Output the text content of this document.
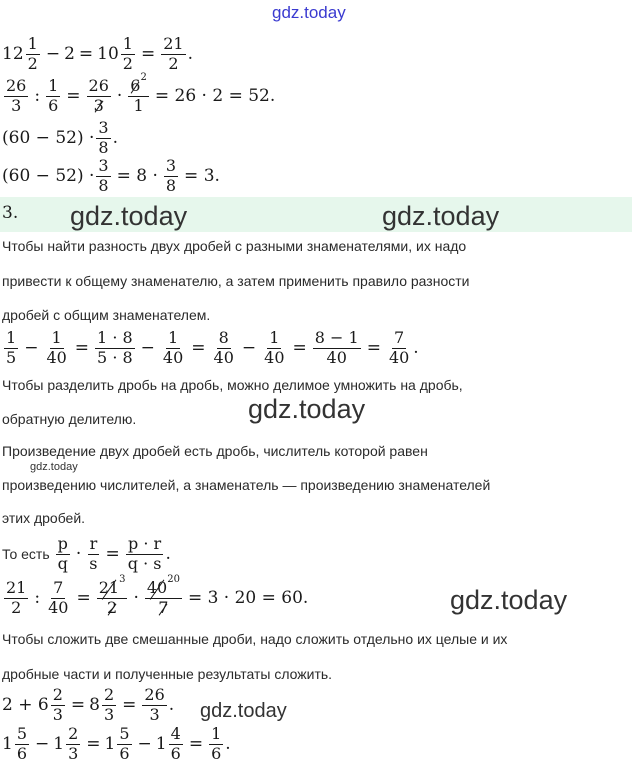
gdz.today
$12 \frac{1}{2} - 2 = 10 \frac{1}{2} = \frac{21}{2}$ .
$\frac{26}{3}$ : $\frac{1}{6} = \frac{26}{3} \cdot \frac{6^2}{1} = 26 \cdot 2 = 52$.
$(60 - 52) \cdot \frac{3}{8}$ .
$(60 - 52) \cdot \frac{3}{8} = 8 \cdot \frac{3}{8} = 3$.
3. gdz.today	gdz.today
Чтобы найти разность двух дробей с разными знаменателями, их надо
привести к общему знаменателю, а затем применить правило разности
дробей с общим знаменателем.
$\frac{1}{5} - \frac{1}{40} = \frac{1 \cdot 8}{5 \cdot 8} - \frac{1}{40} = \frac{8}{40} - \frac{1}{40} = \frac{8 - 1}{40} = \frac{7}{40}$ .
Чтобы разделить дробь на дробь, можно делимое умножить на дробь,
обратную делителю.	gdz.today
Произведение двух дробей есть дробь, числитель которой равен
gdz.today
произведению числителей, а знаменатель — произведению знаменателей
этих дробей.
То есть $\frac{p}{q} \cdot \frac{r}{s} = \frac{p \cdot r}{q \cdot s}$ .
$\frac{21}{2}$ : $\frac{7}{40} = \frac{21^3}{2} \cdot \frac{40^{20}}{7} = 3 \cdot 20 = 60$.	gdz.today
Чтобы сложить две смешанные дроби, надо сложить отдельно их целые и их
дробные части и полученные результаты сложить.
$2 + 6 \frac{2}{3} = 8 \frac{2}{3} = \frac{26}{3}$ . gdz.today
$1 \frac{5}{6} - 1 \frac{2}{3} = 1 \frac{5}{6} - 1 \frac{4}{6} = \frac{1}{6}$ .
